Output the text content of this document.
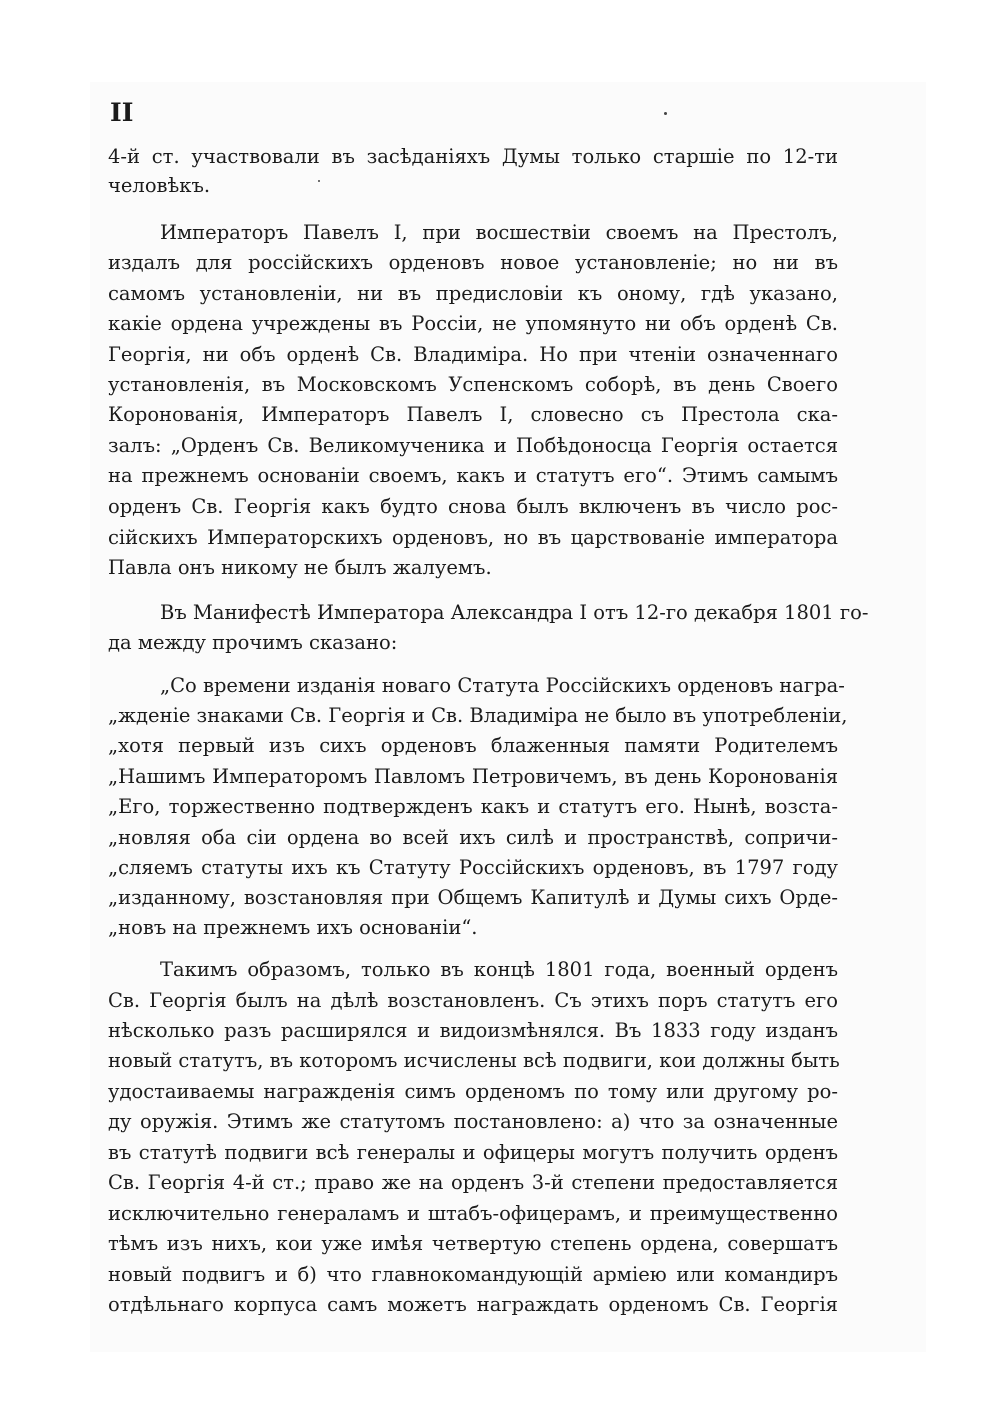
II
4-й ст. участвовали въ засѣданіяхъ Думы только старшіе по 12-ти
человѣкъ.
Императоръ Павелъ I, при восшествіи своемъ на Престолъ,
издалъ для россійскихъ орденовъ новое установленіе; но ни въ
самомъ установленіи, ни въ предисловіи къ оному, гдѣ указано,
какіе ордена учреждены въ Россіи, не упомянуто ни объ орденѣ Св.
Георгія, ни объ орденѣ Св. Владиміра. Но при чтеніи означеннаго
установленія, въ Московскомъ Успенскомъ соборѣ, въ день Своего
Коронованія, Императоръ Павелъ I, словесно съ Престола ска-
залъ: „Орденъ Св. Великомученика и Побѣдоносца Георгія остается
на прежнемъ основаніи своемъ, какъ и статутъ его“. Этимъ самымъ
орденъ Св. Георгія какъ будто снова былъ включенъ въ число рос-
сійскихъ Императорскихъ орденовъ, но въ царствованіе императора
Павла онъ никому не былъ жалуемъ.
Въ Манифестѣ Императора Александра I отъ 12-го декабря 1801 го-
да между прочимъ сказано:
„Со времени изданія новаго Статута Россійскихъ орденовъ награ-
„жденіе знаками Св. Георгія и Св. Владиміра не было въ употребленіи,
„хотя первый изъ сихъ орденовъ блаженныя памяти Родителемъ
„Нашимъ Императоромъ Павломъ Петровичемъ, въ день Коронованія
„Его, торжественно подтвержденъ какъ и статутъ его. Нынѣ, возста-
„новляя оба сіи ордена во всей ихъ силѣ и пространствѣ, сопричи-
„сляемъ статуты ихъ къ Статуту Россійскихъ орденовъ, въ 1797 году
„изданному, возстановляя при Общемъ Капитулѣ и Думы сихъ Орде-
„новъ на прежнемъ ихъ основаніи“.
Такимъ образомъ, только въ концѣ 1801 года, военный орденъ
Св. Георгія былъ на дѣлѣ возстановленъ. Съ этихъ поръ статутъ его
нѣсколько разъ расширялся и видоизмѣнялся. Въ 1833 году изданъ
новый статутъ, въ которомъ исчислены всѣ подвиги, кои должны быть
удостаиваемы награжденія симъ орденомъ по тому или другому ро-
ду оружія. Этимъ же статутомъ постановлено: а) что за означенные
въ статутѣ подвиги всѣ генералы и офицеры могутъ получить орденъ
Св. Георгія 4-й ст.; право же на орденъ 3-й степени предоставляется
исключительно генераламъ и штабъ-офицерамъ, и преимущественно
тѣмъ изъ нихъ, кои уже имѣя четвертую степень ордена, совершатъ
новый подвигъ и б) что главнокомандующій арміею или командиръ
отдѣльнаго корпуса самъ можетъ награждать орденомъ Св. Георгія
